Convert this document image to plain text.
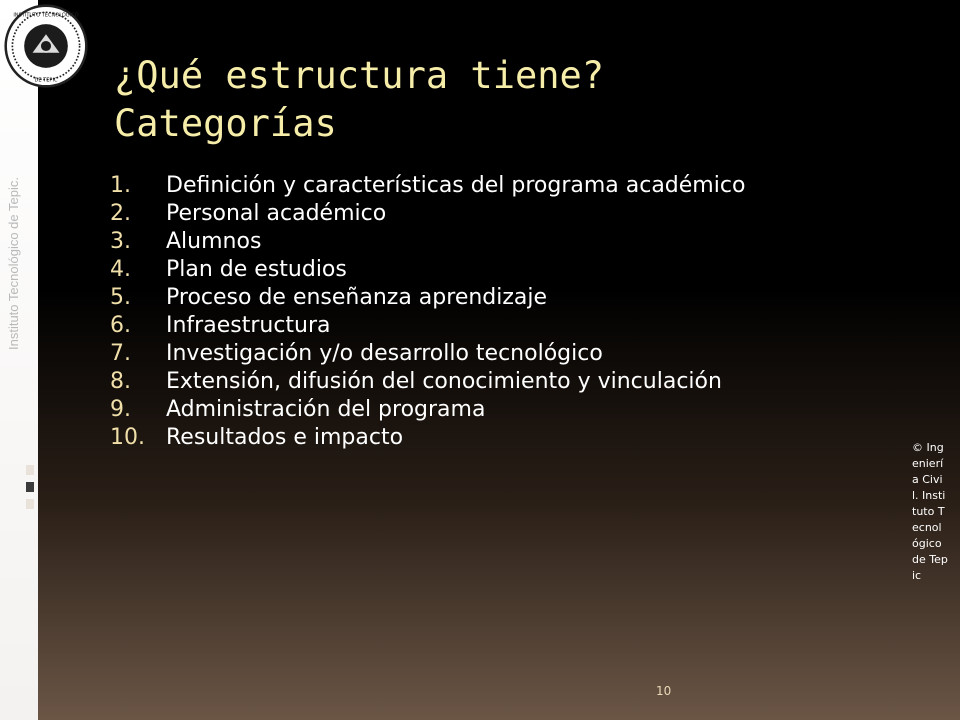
INSTITUTO TECNOLÓGICO
DE TEPIC
Instituto Tecnológico de Tepic.
¿Qué estructura tiene? Categorías
1. Definición y características del programa académico
2. Personal académico
3. Alumnos
4. Plan de estudios
5. Proceso de enseñanza aprendizaje
6. Infraestructura
7. Investigación y/o desarrollo tecnológico
8. Extensión, difusión del conocimiento y vinculación
9. Administración del programa
10. Resultados e impacto
10
© Ingeniería Civil. Instituto Tecnológico de Tepic
